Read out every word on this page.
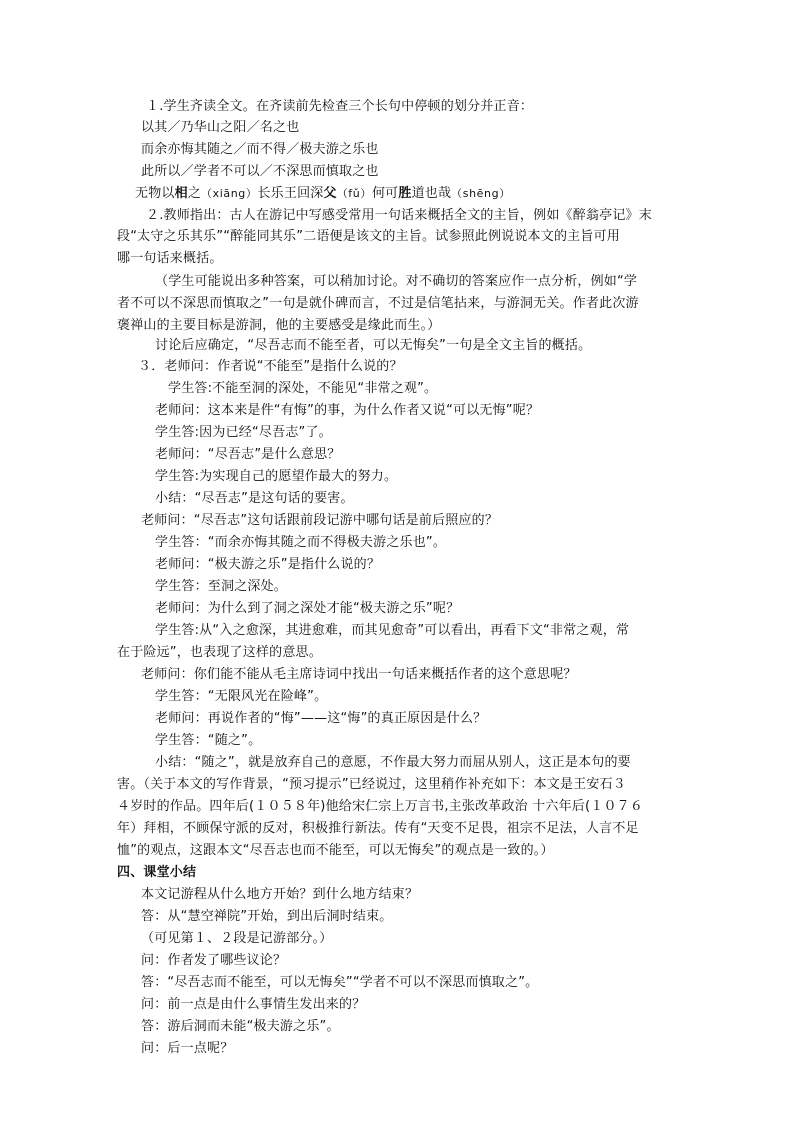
１.学生齐读全文。在齐读前先检查三个长句中停顿的划分并正音：
以其／乃华山之阳／名之也
而余亦悔其随之／而不得／极夫游之乐也
此所以／学者不可以／不深思而慎取之也
无物以相之（xiāng）长乐王回深父（fǔ）何可胜道也哉（shēng）
２.教师指出：古人在游记中写感受常用一句话来概括全文的主旨，例如《醉翁亭记》末
段“太守之乐其乐”“醉能同其乐”二语便是该文的主旨。试参照此例说说本文的主旨可用
哪一句话来概括。
（学生可能说出多种答案，可以稍加讨论。对不确切的答案应作一点分析，例如“学
者不可以不深思而慎取之”一句是就仆碑而言，不过是信笔拈来，与游洞无关。作者此次游
褒禅山的主要目标是游洞，他的主要感受是缘此而生。）
讨论后应确定，“尽吾志而不能至者，可以无悔矣”一句是全文主旨的概括。
３．老师问：作者说“不能至”是指什么说的？
学生答:不能至洞的深处，不能见“非常之观”。
老师问：这本来是件“有悔”的事，为什么作者又说“可以无悔”呢？
学生答:因为已经“尽吾志”了。
老师问：“尽吾志”是什么意思？
学生答:为实现自己的愿望作最大的努力。
小结：“尽吾志”是这句话的要害。
老师问：“尽吾志”这句话跟前段记游中哪句话是前后照应的？
学生答：“而余亦悔其随之而不得极夫游之乐也”。
老师问：“极夫游之乐”是指什么说的？
学生答：至洞之深处。
老师问：为什么到了洞之深处才能“极夫游之乐”呢？
学生答:从“入之愈深，其进愈难，而其见愈奇”可以看出，再看下文“非常之观，常
在于险远”，也表现了这样的意思。
老师问：你们能不能从毛主席诗词中找出一句话来概括作者的这个意思呢？
学生答：“无限风光在险峰”。
老师问：再说作者的“悔”——这“悔”的真正原因是什么？
学生答：“随之”。
小结：“随之”，就是放弃自己的意愿，不作最大努力而屈从别人，这正是本句的要
害。（关于本文的写作背景，“预习提示”已经说过，这里稍作补充如下：本文是王安石３
４岁时的作品。四年后(１０５８年)他给宋仁宗上万言书,主张改革政治 十六年后(１０７６
年）拜相，不顾保守派的反对，积极推行新法。传有“天变不足畏，祖宗不足法，人言不足
恤”的观点，这跟本文“尽吾志也而不能至，可以无悔矣”的观点是一致的。）
四、课堂小结
本文记游程从什么地方开始？到什么地方结束？
答：从“慧空禅院”开始，到出后洞时结束。
（可见第１、２段是记游部分。）
问：作者发了哪些议论？
答：“尽吾志而不能至，可以无悔矣”“学者不可以不深思而慎取之”。
问：前一点是由什么事情生发出来的？
答：游后洞而未能“极夫游之乐”。
问：后一点呢？
